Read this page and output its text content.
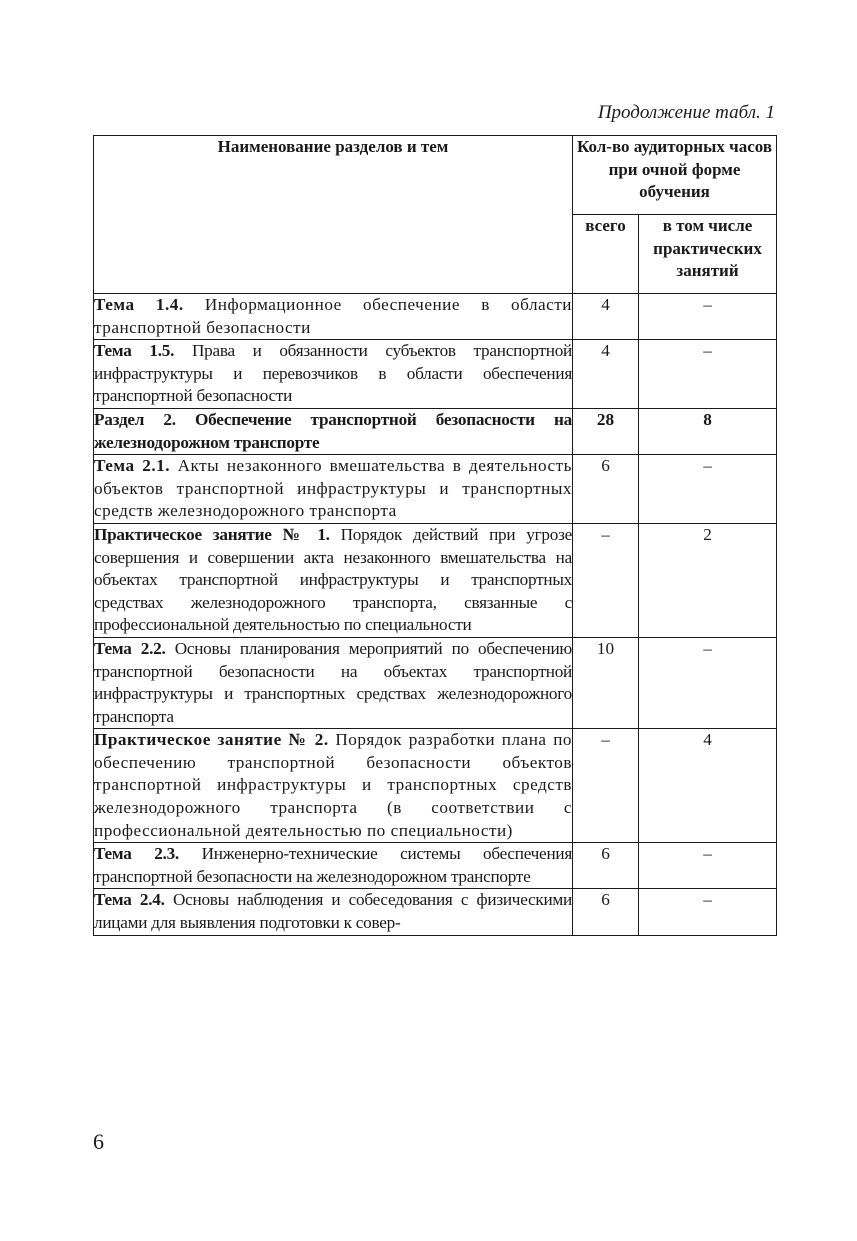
Продолжение табл. 1
Наименование разделов и тем	Кол-во аудиторных часов при очной форме обучения	
	всего	в том числе практических занятий
Тема 1.4. Информационное обеспечение в области транспортной безопасности	4	–
Тема 1.5. Права и обязанности субъектов транспортной инфраструктуры и перевозчиков в области обеспечения транспортной безопасности	4	–
Раздел 2. Обеспечение транспортной безопасности на железнодорожном транспорте	28	8
Тема 2.1. Акты незаконного вмешательства в деятельность объектов транспортной инфраструктуры и транспортных средств железнодорожного транспорта	6	–
Практическое занятие № 1. Порядок действий при угрозе совершения и совершении акта незаконного вмешательства на объектах транспортной инфраструктуры и транспортных средствах железнодорожного транспорта, связанные с профессиональной деятельностью по специальности	–	2
Тема 2.2. Основы планирования мероприятий по обеспечению транспортной безопасности на объектах транспортной инфраструктуры и транспортных средствах железнодорожного транспорта	10	–
Практическое занятие № 2. Порядок разработки плана по обеспечению транспортной безопасности объектов транспортной инфраструктуры и транспортных средств железнодорожного транспорта (в соответствии с профессиональной деятельностью по специальности)	–	4
Тема 2.3. Инженерно-технические системы обеспечения транспортной безопасности на железнодорожном транспорте	6	–
Тема 2.4. Основы наблюдения и собеседования с физическими лицами для выявления подготовки к совер-	6	–
6
